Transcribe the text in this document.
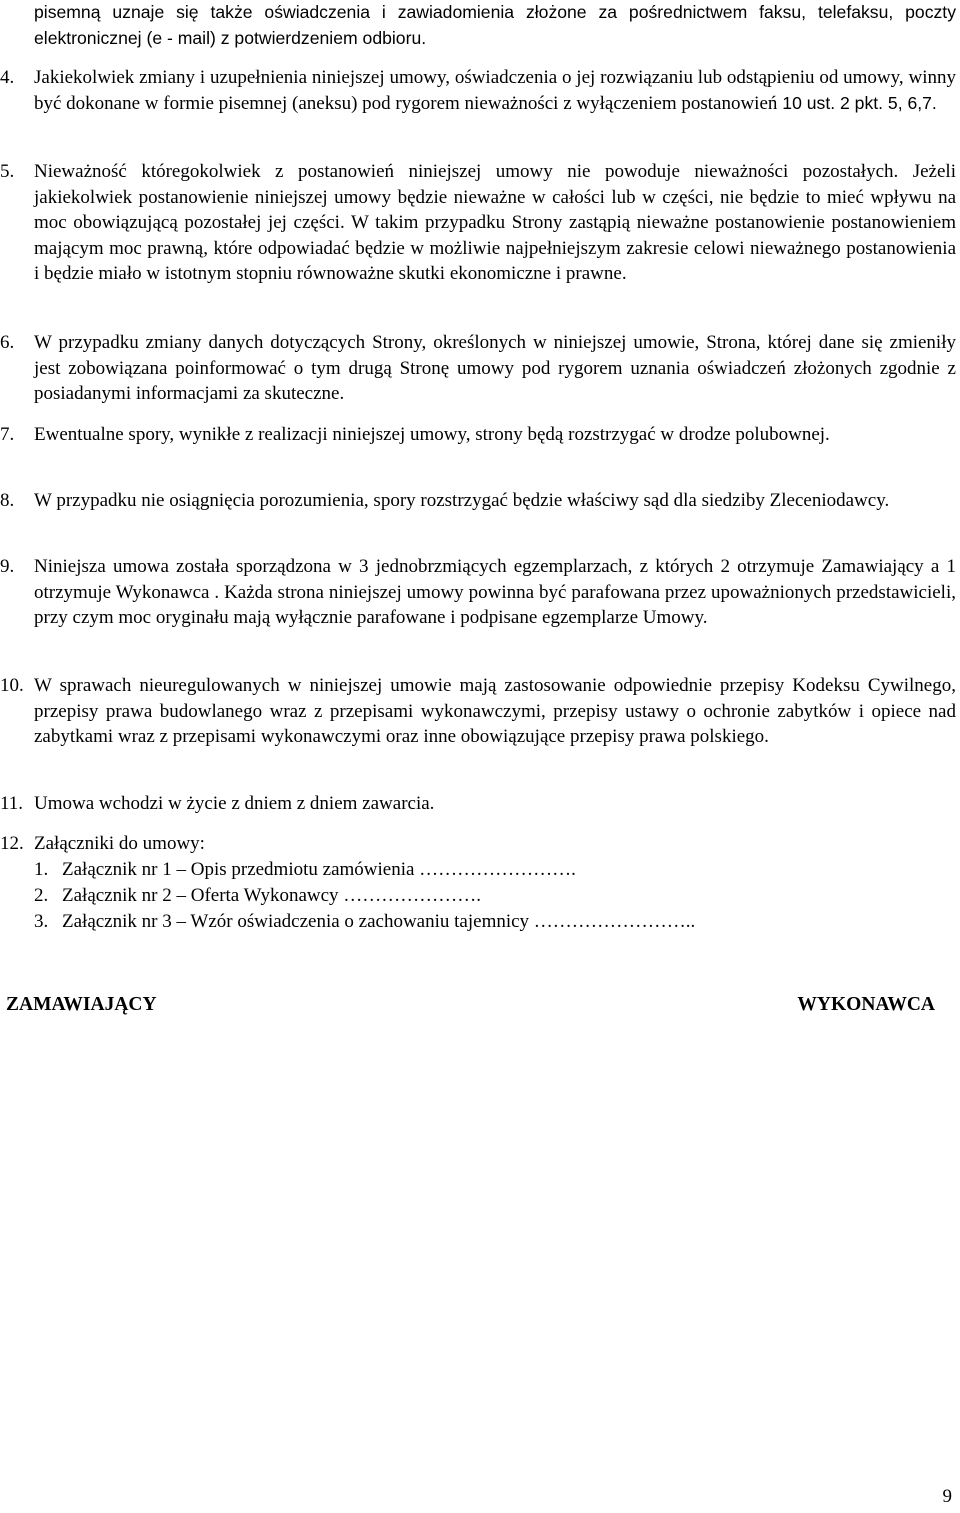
pisemną uznaje się także oświadczenia i zawiadomienia złożone za pośrednictwem faksu, telefaksu, poczty elektronicznej (e - mail) z potwierdzeniem odbioru.
4.	Jakiekolwiek zmiany i uzupełnienia niniejszej umowy, oświadczenia o jej rozwiązaniu lub odstąpieniu od umowy, winny być dokonane w formie pisemnej (aneksu) pod rygorem nieważności z wyłączeniem postanowień 10 ust. 2 pkt. 5, 6,7.
5.	Nieważność któregokolwiek z postanowień niniejszej umowy nie powoduje nieważności pozostałych. Jeżeli jakiekolwiek postanowienie niniejszej umowy będzie nieważne w całości lub w części, nie będzie to mieć wpływu na moc obowiązującą pozostałej jej części. W takim przypadku Strony zastąpią nieważne postanowienie postanowieniem mającym moc prawną, które odpowiadać będzie w możliwie najpełniejszym zakresie celowi nieważnego postanowienia i będzie miało w istotnym stopniu równoważne skutki ekonomiczne i prawne.
6.	W przypadku zmiany danych dotyczących Strony, określonych w niniejszej umowie, Strona, której dane się zmieniły jest zobowiązana poinformować o tym drugą Stronę umowy pod rygorem uznania oświadczeń złożonych zgodnie z posiadanymi informacjami za skuteczne.
7.	Ewentualne spory, wynikłe z realizacji niniejszej umowy, strony będą rozstrzygać w drodze polubownej.
8.	W przypadku nie osiągnięcia porozumienia, spory rozstrzygać będzie właściwy sąd dla siedziby Zleceniodawcy.
9.	Niniejsza umowa została sporządzona w 3 jednobrzmiących egzemplarzach, z których 2 otrzymuje Zamawiający a 1 otrzymuje Wykonawca . Każda strona niniejszej umowy powinna być parafowana przez upoważnionych przedstawicieli, przy czym moc oryginału mają wyłącznie parafowane i podpisane egzemplarze Umowy.
10. W sprawach nieuregulowanych w niniejszej umowie mają zastosowanie odpowiednie przepisy Kodeksu Cywilnego, przepisy prawa budowlanego wraz z przepisami wykonawczymi, przepisy ustawy o ochronie zabytków i opiece nad zabytkami wraz z przepisami wykonawczymi oraz inne obowiązujące przepisy prawa polskiego.
11. Umowa wchodzi w życie z dniem z dniem zawarcia.
12. Załączniki do umowy:
1. Załącznik nr 1 – Opis przedmiotu zamówienia …………………….
2. Załącznik nr 2 – Oferta Wykonawcy ………………….
3. Załącznik nr 3 – Wzór oświadczenia o zachowaniu tajemnicy ……………………..
ZAMAWIAJĄCY	WYKONAWCA
9
